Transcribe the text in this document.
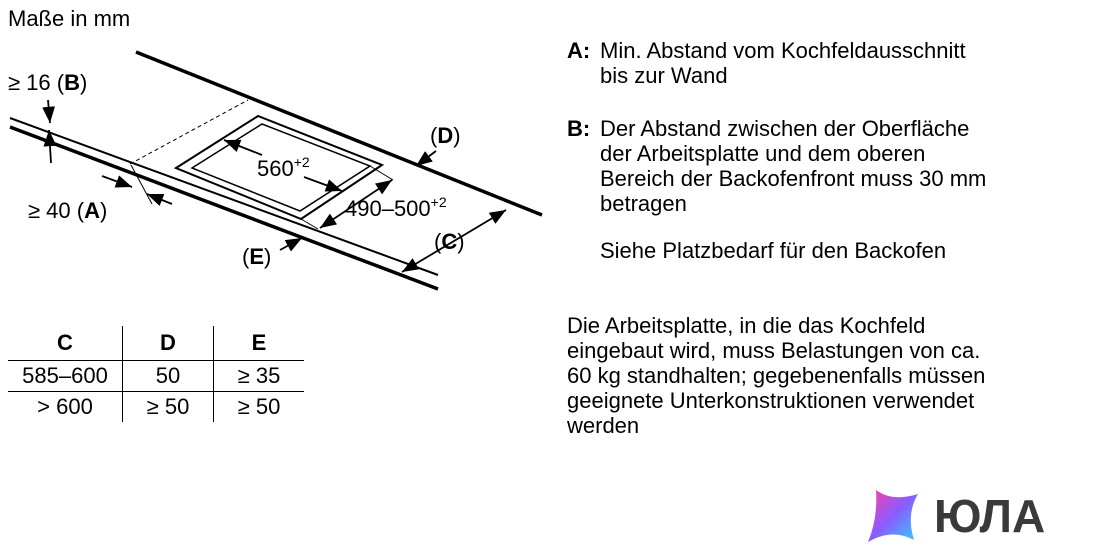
Maße in mm
≥ 16 (B)
≥ 40 (A)
(D)
(C)
(E)
$560^{+2}$
$490-500^{+2}$
C	D	E
585–600	50	≥ 35
> 600	≥ 50	≥ 50
A: Min. Abstand vom Kochfeldausschnitt
bis zur Wand
B: Der Abstand zwischen der Oberfläche
der Arbeitsplatte und dem oberen
Bereich der Backofenfront muss 30 mm
betragen
Siehe Platzbedarf für den Backofen
Die Arbeitsplatte, in die das Kochfeld
eingebaut wird, muss Belastungen von ca.
60 kg standhalten; gegebenenfalls müssen
geeignete Unterkonstruktionen verwendet
werden
ЮЛА
